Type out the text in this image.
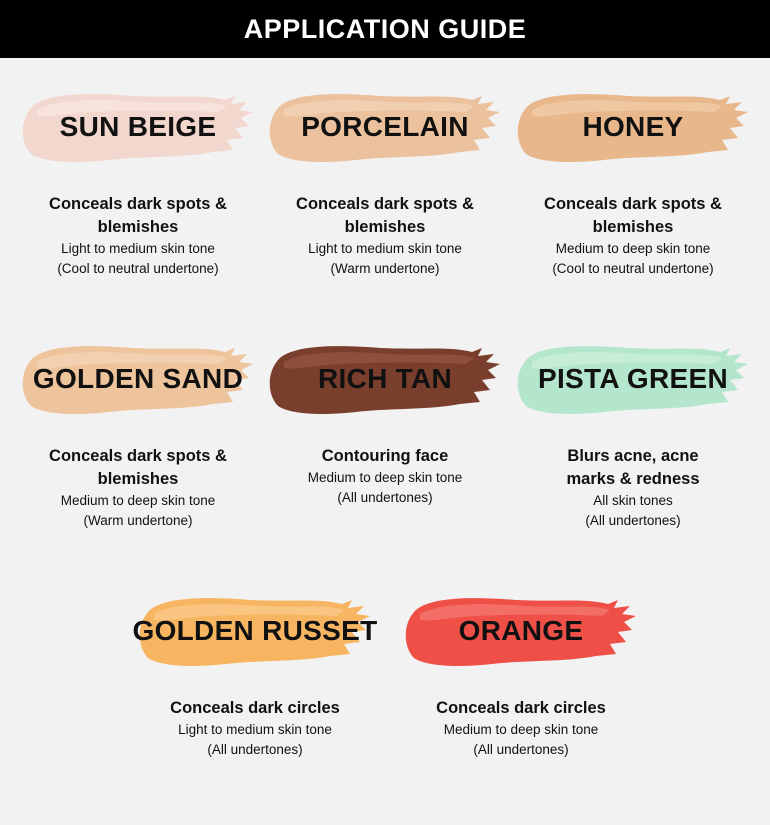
APPLICATION GUIDE
SUN BEIGE
Conceals dark spots & blemishes
Light to medium skin tone
(Cool to neutral undertone)
PORCELAIN
Conceals dark spots & blemishes
Light to medium skin tone
(Warm undertone)
HONEY
Conceals dark spots & blemishes
Medium to deep skin tone
(Cool to neutral undertone)
GOLDEN SAND
Conceals dark spots & blemishes
Medium to deep skin tone
(Warm undertone)
RICH TAN
Contouring face
Medium to deep skin tone
(All undertones)
PISTA GREEN
Blurs acne, acne marks & redness
All skin tones
(All undertones)
GOLDEN RUSSET
Conceals dark circles
Light to medium skin tone
(All undertones)
ORANGE
Conceals dark circles
Medium to deep skin tone
(All undertones)
